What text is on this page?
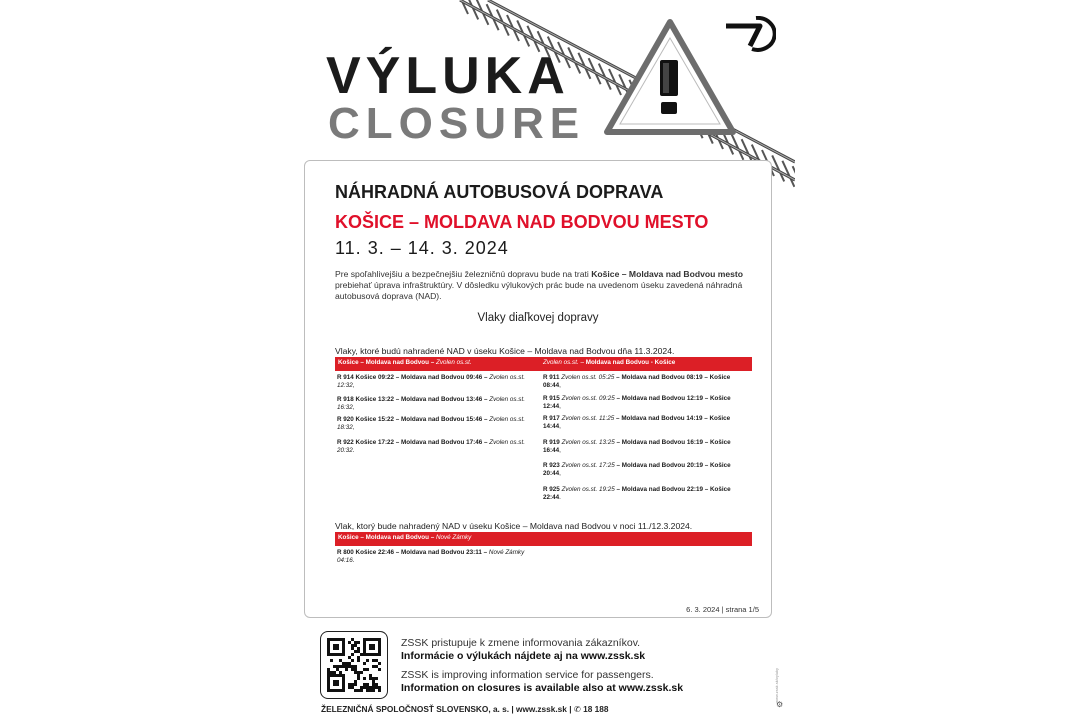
VÝLUKA
CLOSURE
NÁHRADNÁ AUTOBUSOVÁ DOPRAVA
KOŠICE – MOLDAVA NAD BODVOU MESTO
11. 3. – 14. 3. 2024

Pre spoľahlivejšiu a bezpečnejšiu železničnú dopravu bude na trati Košice – Moldava nad Bodvou mesto prebiehať úprava infraštruktúry. V dôsledku výlukových prác bude na uvedenom úseku zavedená náhradná autobusová doprava (NAD).

Vlaky diaľkovej dopravy
Vlaky, ktoré budú nahradené NAD v úseku Košice – Moldava nad Bodvou dňa 11.3.2024.
Košice – Moldava nad Bodvou – Zvolen os.st.	Zvolen os.st. – Moldava nad Bodvou - Košice

R 914 Košice 09:22 – Moldava nad Bodvou 09:46 – Zvolen os.st. 12:32,

R 918 Košice 13:22 – Moldava nad Bodvou 13:46 – Zvolen os.st. 16:32,

R 920 Košice 15:22 – Moldava nad Bodvou 15:46 – Zvolen os.st. 18:32,

R 922 Košice 17:22 – Moldava nad Bodvou 17:46 – Zvolen os.st. 20:32.

R 911 Zvolen os.st. 05:25 – Moldava nad Bodvou 08:19 – Košice 08:44,

R 915 Zvolen os.st. 09:25 – Moldava nad Bodvou 12:19 – Košice 12:44,

R 917 Zvolen os.st. 11:25 – Moldava nad Bodvou 14:19 – Košice 14:44,

R 919 Zvolen os.st. 13:25 – Moldava nad Bodvou 16:19 – Košice 16:44,

R 923 Zvolen os.st. 17:25 – Moldava nad Bodvou 20:19 – Košice 20:44,

R 925 Zvolen os.st. 19:25 – Moldava nad Bodvou 22:19 – Košice 22:44.

Vlak, ktorý bude nahradený NAD v úseku Košice – Moldava nad Bodvou v noci 11./12.3.2024.
Košice – Moldava nad Bodvou – Nové Zámky

R 800 Košice 22:46 – Moldava nad Bodvou 23:11 – Nové Zámky 04:16.

6. 3. 2024 | strana 1/5
ZSSK pristupuje k zmene informovania zákazníkov.
Informácie o výlukách nájdete aj na www.zssk.sk
ZSSK is improving information service for passengers.
Information on closures is available also at www.zssk.sk
ŽELEZNIČNÁ SPOLOČNOSŤ SLOVENSKO, a. s. | www.zssk.sk | ✆ 18 188
www.zssk.sk/vyluky
⚙
